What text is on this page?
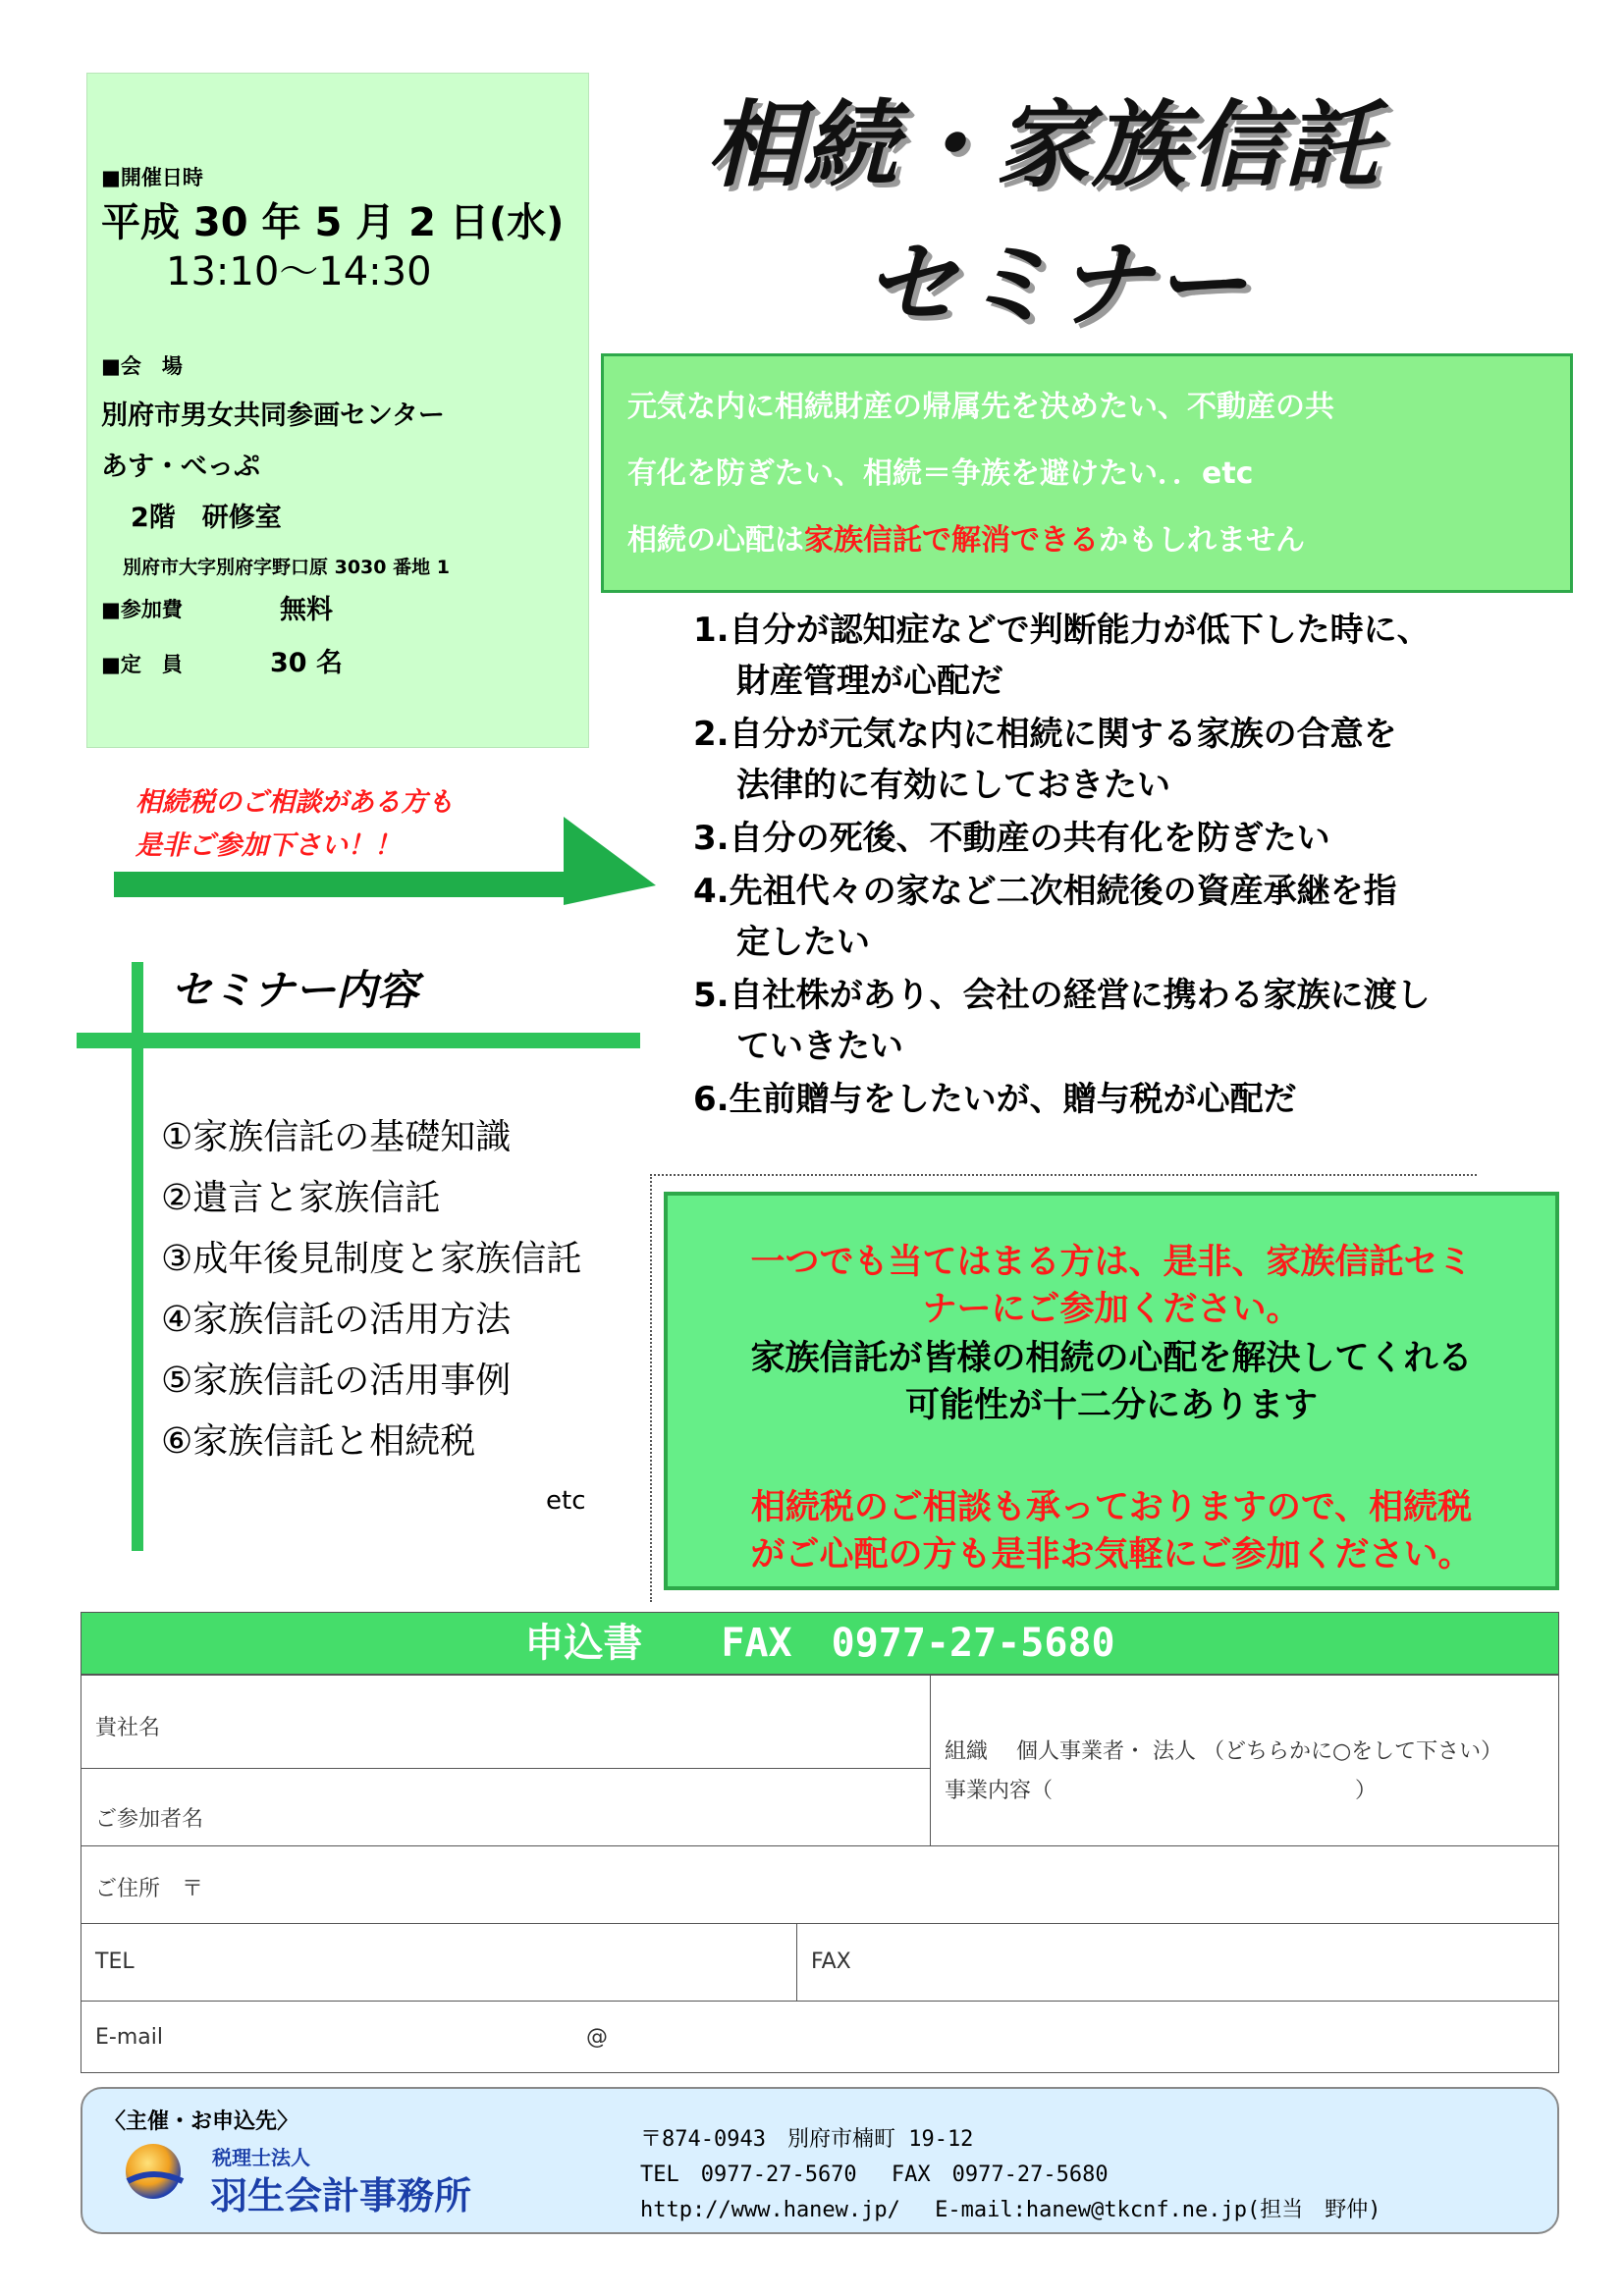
■開催日時
平成 30 年 5 月 2 日(水)
13:10～14:30
■会　場
別府市男女共同参画センター
あす・べっぷ
2階　研修室
別府市大字別府字野口原 3030 番地 1
■参加費	無料
■定　員	30 名
相続・家族信託
セミナー
元気な内に相続財産の帰属先を決めたい、不動産の共
有化を防ぎたい、相続＝争族を避けたい．．etc
相続の心配は家族信託で解消できるかもしれません
1.自分が認知症などで判断能力が低下した時に、
財産管理が心配だ
2.自分が元気な内に相続に関する家族の合意を
法律的に有効にしておきたい
3.自分の死後、不動産の共有化を防ぎたい
4.先祖代々の家など二次相続後の資産承継を指
定したい
5.自社株があり、会社の経営に携わる家族に渡し
ていきたい
6.生前贈与をしたいが、贈与税が心配だ
相続税のご相談がある方も
是非ご参加下さい！！
セミナー内容
①家族信託の基礎知識
②遺言と家族信託
③成年後見制度と家族信託
④家族信託の活用方法
⑤家族信託の活用事例
⑥家族信託と相続税
etc
一つでも当てはまる方は、是非、家族信託セミ
ナーにご参加ください。
家族信託が皆様の相続の心配を解決してくれる
可能性が十二分にあります
相続税のご相談も承っておりますので、相続税
がご心配の方も是非お気軽にご参加ください。
申込書　　FAX　0977-27-5680
貴社名
ご参加者名
組織　 個人事業者・ 法人 （どちらかに○をして下さい）
事業内容（　　　　　　　　　　　　　　）
ご住所　〒
TEL	FAX
E-mail	@
〈主催・お申込先〉
税理士法人
羽生会計事務所
〒874-0943　別府市楠町 19-12
TEL　0977-27-5670　 FAX　0977-27-5680
http://www.hanew.jp/　 E-mail:hanew@tkcnf.ne.jp(担当　野仲)
